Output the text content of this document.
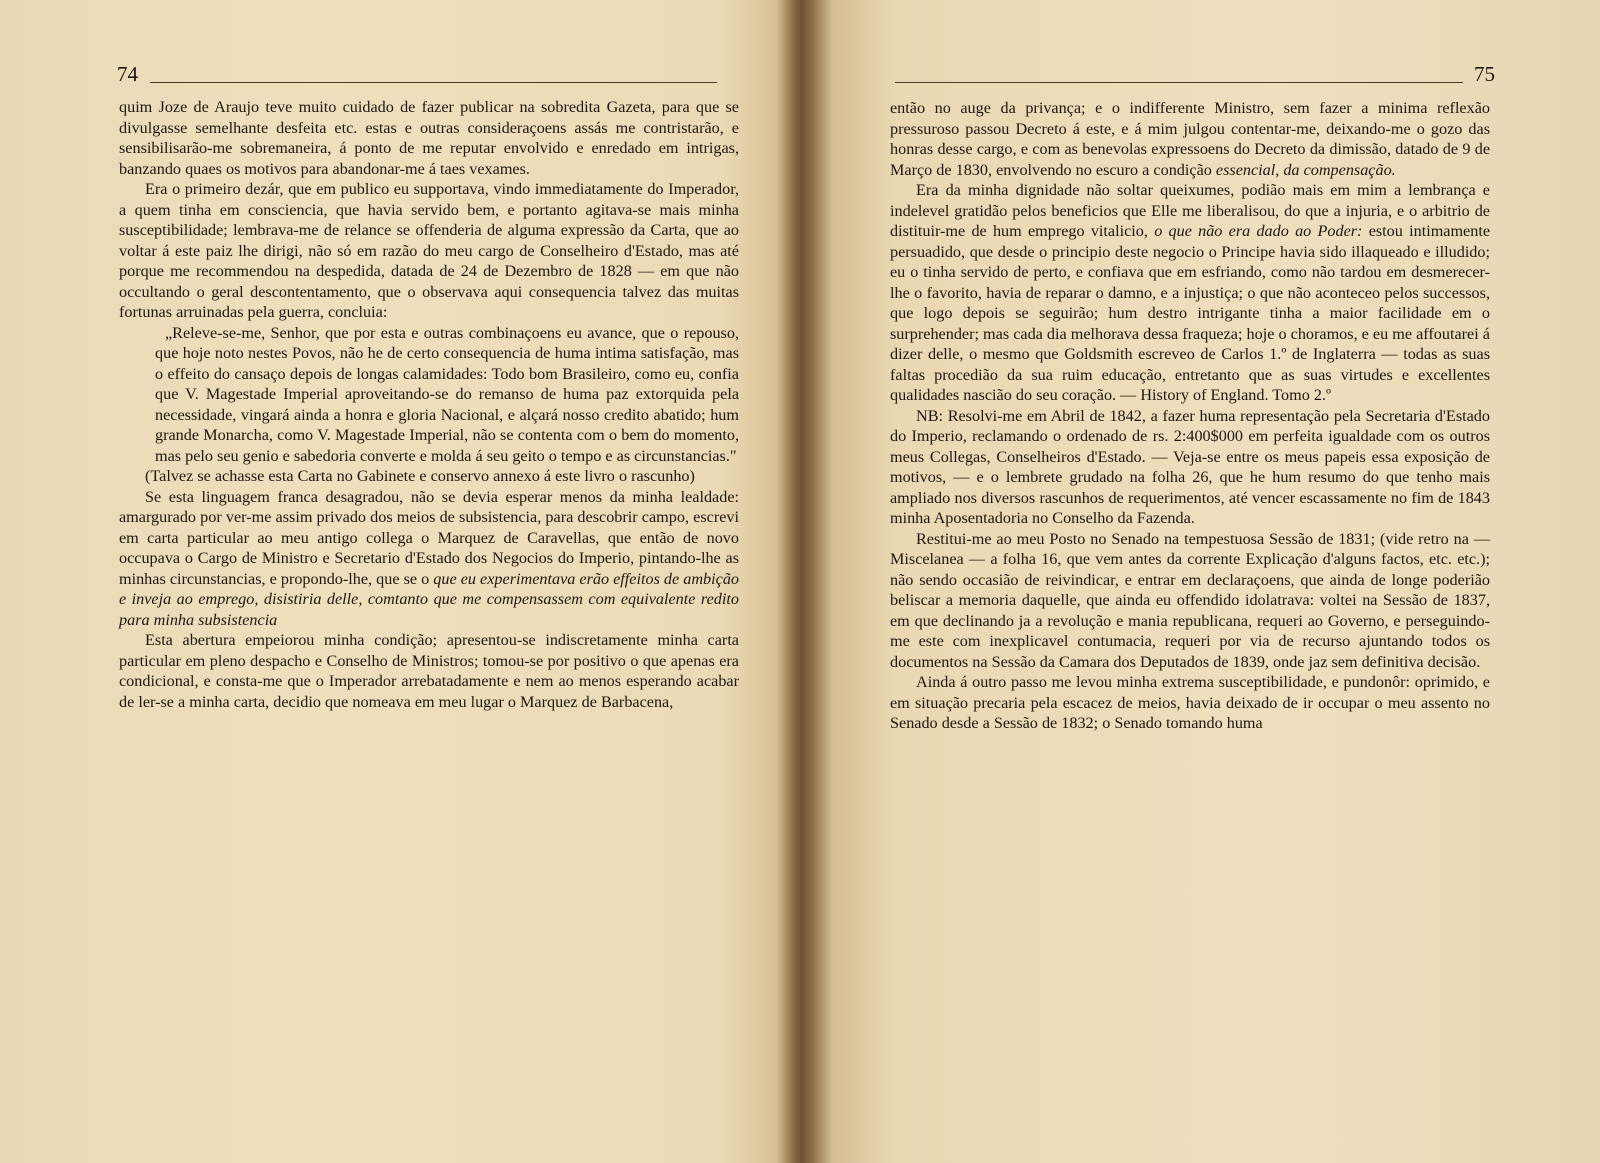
74

quim Joze de Araujo teve muito cuidado de fazer publicar na sobredita Gazeta, para que se divulgasse semelhante desfeita etc. estas e outras consideraçoens assás me contristarão, e sensibilisarão-me sobremaneira, á ponto de me reputar envolvido e enredado em intrigas, banzando quaes os motivos para abandonar-me á taes vexames.

Era o primeiro dezár, que em publico eu supportava, vindo immediatamente do Imperador, a quem tinha em consciencia, que havia servido bem, e portanto agitava-se mais minha susceptibilidade; lembrava-me de relance se offenderia de alguma expressão da Carta, que ao voltar á este paiz lhe dirigi, não só em razão do meu cargo de Conselheiro d'Estado, mas até porque me recommendou na despedida, datada de 24 de Dezembro de 1828 — em que não occultando o geral descontentamento, que o observava aqui consequencia talvez das muitas fortunas arruinadas pela guerra, concluia:

„Releve-se-me, Senhor, que por esta e outras combinaçoens eu avance, que o repouso, que hoje noto nestes Povos, não he de certo consequencia de huma intima satisfação, mas o effeito do cansaço depois de longas calamidades: Todo bom Brasileiro, como eu, confia que V. Magestade Imperial aproveitando-se do remanso de huma paz extorquida pela necessidade, vingará ainda a honra e gloria Nacional, e alçará nosso credito abatido; hum grande Monarcha, como V. Magestade Imperial, não se contenta com o bem do momento, mas pelo seu genio e sabedoria converte e molda á seu geito o tempo e as circunstancias."

(Talvez se achasse esta Carta no Gabinete e conservo annexo á este livro o rascunho)

Se esta linguagem franca desagradou, não se devia esperar menos da minha lealdade: amargurado por ver-me assim privado dos meios de subsistencia, para descobrir campo, escrevi em carta particular ao meu antigo collega o Marquez de Caravellas, que então de novo occupava o Cargo de Ministro e Secretario d'Estado dos Negocios do Imperio, pintando-lhe as minhas circunstancias, e propondo-lhe, que se o que eu experimentava erão effeitos de ambição e inveja ao emprego, disistiria delle, comtanto que me compensassem com equivalente redito para minha subsistencia

Esta abertura empeiorou minha condição; apresentou-se indiscretamente minha carta particular em pleno despacho e Conselho de Ministros; tomou-se por positivo o que apenas era condicional, e consta-me que o Imperador arrebatadamente e nem ao menos esperando acabar de ler-se a minha carta, decidio que nomeava em meu lugar o Marquez de Barbacena,

75

então no auge da privança; e o indifferente Ministro, sem fazer a minima reflexão pressuroso passou Decreto á este, e á mim julgou contentar-me, deixando-me o gozo das honras desse cargo, e com as benevolas expressoens do Decreto da dimissão, datado de 9 de Março de 1830, envolvendo no escuro a condição essencial, da compensação.

Era da minha dignidade não soltar queixumes, podião mais em mim a lembrança e indelevel gratidão pelos beneficios que Elle me liberalisou, do que a injuria, e o arbitrio de distituir-me de hum emprego vitalicio, o que não era dado ao Poder: estou intimamente persuadido, que desde o principio deste negocio o Principe havia sido illaqueado e illudido; eu o tinha servido de perto, e confiava que em esfriando, como não tardou em desmerecer-lhe o favorito, havia de reparar o damno, e a injustiça; o que não aconteceo pelos successos, que logo depois se seguirão; hum destro intrigante tinha a maior facilidade em o surprehender; mas cada dia melhorava dessa fraqueza; hoje o choramos, e eu me affoutarei á dizer delle, o mesmo que Goldsmith escreveo de Carlos 1.º de Inglaterra — todas as suas faltas procedião da sua ruim educação, entretanto que as suas virtudes e excellentes qualidades nascião do seu coração. — History of England. Tomo 2.º

NB: Resolvi-me em Abril de 1842, a fazer huma representação pela Secretaria d'Estado do Imperio, reclamando o ordenado de rs. 2:400$000 em perfeita igualdade com os outros meus Collegas, Conselheiros d'Estado. — Veja-se entre os meus papeis essa exposição de motivos, — e o lembrete grudado na folha 26, que he hum resumo do que tenho mais ampliado nos diversos rascunhos de requerimentos, até vencer escassamente no fim de 1843 minha Aposentadoria no Conselho da Fazenda.

Restitui-me ao meu Posto no Senado na tempestuosa Sessão de 1831; (vide retro na — Miscelanea — a folha 16, que vem antes da corrente Explicação d'alguns factos, etc. etc.); não sendo occasião de reivindicar, e entrar em declaraçoens, que ainda de longe poderião beliscar a memoria daquelle, que ainda eu offendido idolatrava: voltei na Sessão de 1837, em que declinando ja a revolução e mania republicana, requeri ao Governo, e perseguindo-me este com inexplicavel contumacia, requeri por via de recurso ajuntando todos os documentos na Sessão da Camara dos Deputados de 1839, onde jaz sem definitiva decisão.

Ainda á outro passo me levou minha extrema susceptibilidade, e pundonôr: oprimido, e em situação precaria pela escacez de meios, havia deixado de ir occupar o meu assento no Senado desde a Sessão de 1832; o Senado tomando huma
